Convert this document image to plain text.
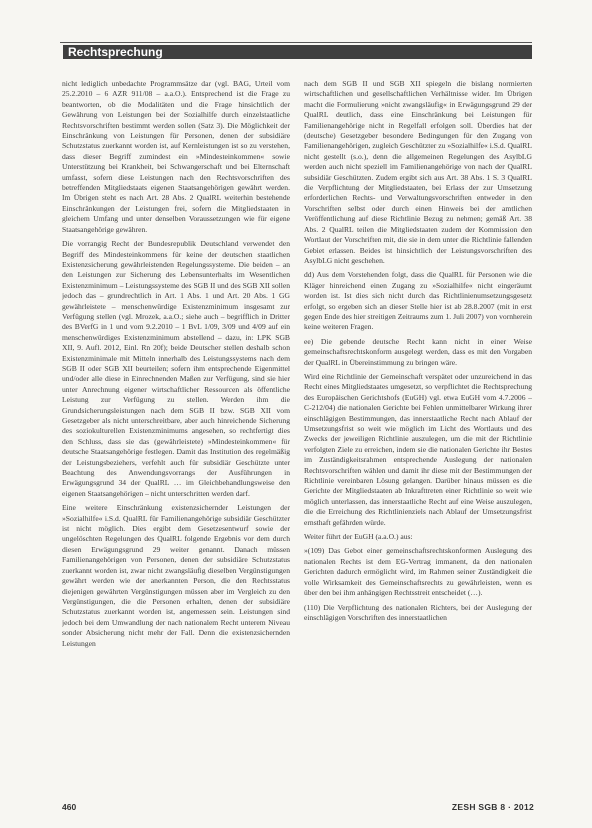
Rechtsprechung

nicht lediglich unbedachte Programmsätze dar (vgl. BAG, Urteil vom 25.2.2010 – 6 AZR 911/08 – a.a.O.). Entsprechend ist die Frage zu beantworten, ob die Modalitäten und die Frage hinsichtlich der Gewährung von Leistungen bei der Sozialhilfe durch einzelstaatliche Rechtsvorschriften bestimmt werden sollen (Satz 3). Die Möglichkeit der Einschränkung von Leistungen für Personen, denen der subsidiäre Schutzstatus zuerkannt worden ist, auf Kernleistungen ist so zu verstehen, dass dieser Begriff zumindest ein »Mindesteinkommen« sowie Unterstützung bei Krankheit, bei Schwangerschaft und bei Elternschaft umfasst, sofern diese Leistungen nach den Rechtsvorschriften des betreffenden Mitgliedstaats eigenen Staatsangehörigen gewährt werden. Im Übrigen steht es nach Art. 28 Abs. 2 QualRL weiterhin bestehende Einschränkungen der Leistungen frei, sofern die Mitgliedstaaten in gleichem Umfang und unter denselben Voraussetzungen wie für eigene Staatsangehörige gewähren.

Die vorrangig Recht der Bundesrepublik Deutschland verwendet den Begriff des Mindesteinkommens für keine der deutschen staatlichen Existenzsicherung gewährleistenden Regelungssysteme. Die beiden – an den Leistungen zur Sicherung des Lebensunterhalts im Wesentlichen Existenzminimum – Leistungssysteme des SGB II und des SGB XII sollen jedoch das – grundrechtlich in Art. 1 Abs. 1 und Art. 20 Abs. 1 GG gewährleistete – menschenwürdige Existenzminimum insgesamt zur Verfügung stellen (vgl. Mrozek, a.a.O.; siehe auch – begrifflich in Dritter des BVerfG in 1 und vom 9.2.2010 – 1 BvL 1/09, 3/09 und 4/09 auf ein menschenwürdiges Existenzminimum abstellend – dazu, in: LPK SGB XII, 9. Aufl. 2012, Einl. Rn 20f); beide Deutscher stellen deshalb schon Existenzminimale mit Mitteln innerhalb des Leistungssystems nach dem SGB II oder SGB XII beurteilen; sofern ihm entsprechende Eigenmittel und/oder alle diese in Einrechnenden Maßen zur Verfügung, sind sie hier unter Anrechnung eigener wirtschaftlicher Ressourcen als öffentliche Leistung zur Verfügung zu stellen. Werden ihm die Grundsicherungsleistungen nach dem SGB II bzw. SGB XII vom Gesetzgeber als nicht unterschreitbare, aber auch hinreichende Sicherung des soziokulturellen Existenzminimums angesehen, so rechtfertigt dies den Schluss, dass sie das (gewährleistete) »Mindesteinkommen« für deutsche Staatsangehörige festlegen. Damit das Institution des regelmäßig der Leistungsbeziehers, verfehlt auch für subsidiär Geschützte unter Beachtung des Anwendungsvorrangs der Ausführungen in Erwägungsgrund 34 der QualRL … im Gleichbehandlungsweise den eigenen Staatsangehörigen – nicht unterschritten werden darf.

Eine weitere Einschränkung existenzsichernder Leistungen der »Sozialhilfe« i.S.d. QualRL für Familienangehörige subsidiär Geschützter ist nicht möglich. Dies ergibt dem Gesetzesentwurf sowie der ungelöschten Regelungen des QualRL folgende Ergebnis vor dem durch diesen Erwägungsgrund 29 weiter genannt. Danach müssen Familienangehörigen von Personen, denen der subsidiäre Schutzstatus zuerkannt worden ist, zwar nicht zwangsläufig dieselben Vergünstigungen gewährt werden wie der anerkannten Person, die den Rechtsstatus diejenigen gewährten Vergünstigungen müssen aber im Vergleich zu den Vergünstigungen, die die Personen erhalten, denen der subsidiäre Schutzstatus zuerkannt worden ist, angemessen sein. Leistungen sind jedoch bei dem Umwandlung der nach nationalem Recht unterem Niveau sonder Absicherung nicht mehr der Fall. Denn die existenzsichernden Leistungen

nach dem SGB II und SGB XII spiegeln die bislang normierten wirtschaftlichen und gesellschaftlichen Verhältnisse wider. Im Übrigen macht die Formulierung »nicht zwangsläufig« in Erwägungsgrund 29 der QualRL deutlich, dass eine Einschränkung bei Leistungen für Familienangehörige nicht in Regelfall erfolgen soll. Überdies hat der (deutsche) Gesetzgeber besondere Bedingungen für den Zugang von Familienangehörigen, zugleich Geschützter zu »Sozialhilfe« i.S.d. QualRL nicht gestellt (s.o.), denn die allgemeinen Regelungen des AsylbLG werden auch nicht speziell im Familienangehörige von nach der QualRL subsidiär Geschützten. Zudem ergibt sich aus Art. 38 Abs. 1 S. 3 QualRL die Verpflichtung der Mitgliedstaaten, bei Erlass der zur Umsetzung erforderlichen Rechts- und Verwaltungsvorschriften entweder in den Vorschriften selbst oder durch einen Hinweis bei der amtlichen Veröffentlichung auf diese Richtlinie Bezug zu nehmen; gemäß Art. 38 Abs. 2 QualRL teilen die Mitgliedstaaten zudem der Kommission den Wortlaut der Vorschriften mit, die sie in dem unter die Richtlinie fallenden Gebiet erlassen. Beides ist hinsichtlich der Leistungsvorschriften des AsylbLG nicht geschehen.

dd) Aus dem Vorstehenden folgt, dass die QualRL für Personen wie die Kläger hinreichend einen Zugang zu »Sozialhilfe« nicht eingeräumt worden ist. Ist dies sich nicht durch das Richtlinienumsetzungsgesetz erfolgt, so ergeben sich an dieser Stelle hier ist ab 28.8.2007 (mit in erst gegen Ende des hier streitigen Zeitraums zum 1. Juli 2007) von vornherein keine weiteren Fragen.

ee) Die gebende deutsche Recht kann nicht in einer Weise gemeinschaftsrechtskonform ausgelegt werden, dass es mit den Vorgaben der QualRL in Übereinstimmung zu bringen wäre.

Wird eine Richtlinie der Gemeinschaft verspätet oder unzureichend in das Recht eines Mitgliedstaates umgesetzt, so verpflichtet die Rechtsprechung des Europäischen Gerichtshofs (EuGH) vgl. etwa EuGH vom 4.7.2006 – C-212/04) die nationalen Gerichte bei Fehlen unmittelbarer Wirkung ihrer einschlägigen Bestimmungen, das innerstaatliche Recht nach Ablauf der Umsetzungsfrist so weit wie möglich im Licht des Wortlauts und des Zwecks der jeweiligen Richtlinie auszulegen, um die mit der Richtlinie verfolgten Ziele zu erreichen, indem sie die nationalen Gerichte ihr Bestes im Zuständigkeitsrahmen entsprechende Auslegung der nationalen Rechtsvorschriften wählen und damit ihr diese mit der Bestimmungen der Richtlinie vereinbaren Lösung gelangen. Darüber hinaus müssen es die Gerichte der Mitgliedstaaten ab Inkrafttreten einer Richtlinie so weit wie möglich unterlassen, das innerstaatliche Recht auf eine Weise auszulegen, die die Erreichung des Richtlinienziels nach Ablauf der Umsetzungsfrist ernsthaft gefährden würde.

Weiter führt der EuGH (a.a.O.) aus:

»(109) Das Gebot einer gemeinschaftsrechtskonformen Auslegung des nationalen Rechts ist dem EG-Vertrag immanent, da den nationalen Gerichten dadurch ermöglicht wird, im Rahmen seiner Zuständigkeit die volle Wirksamkeit des Gemeinschaftsrechts zu gewährleisten, wenn es über den bei ihm anhängigen Rechtsstreit entscheidet (…).

(110) Die Verpflichtung des nationalen Richters, bei der Auslegung der einschlägigen Vorschriften des innerstaatlichen

460	ZESH SGB 8 · 2012
